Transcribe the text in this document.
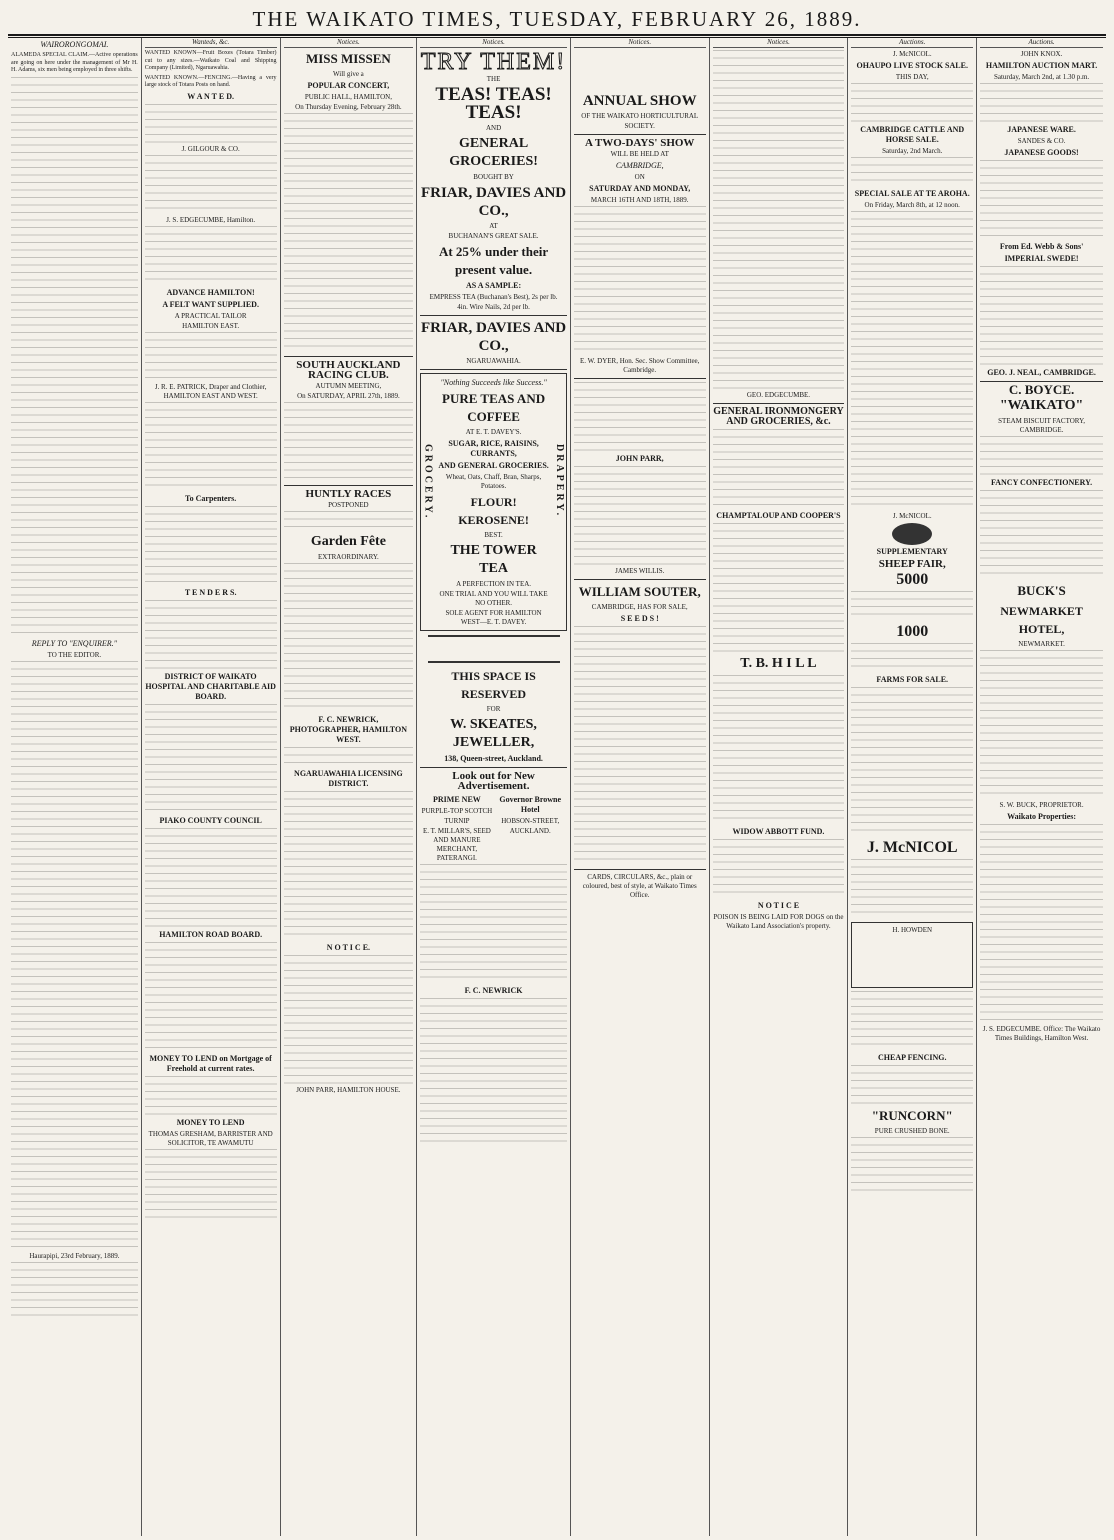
THE WAIKATO TIMES, TUESDAY, FEBRUARY 26, 1889.
WAIRORONGOMAI.

ALAMEDA SPECIAL CLAIM.—Active operations are going on here under the management of Mr H. H. Adams, six men being employed in three shifts.

REPLY TO "ENQUIRER."
TO THE EDITOR.
Haurapipi, 23rd February, 1889.
Wanteds, &c.

WANTED KNOWN—Fruit Boxes (Totara Timber) cut to any sizes.—Waikato Coal and Shipping Company (Limited), Ngaruawahia.

WANTED KNOWN.—FENCING.—Having a very large stock of Totara Posts on hand.

W A N T E D.
J. GILGOUR & CO.
J. S. EDGECUMBE, Hamilton.
ADVANCE HAMILTON!
A FELT WANT SUPPLIED.
A PRACTICAL TAILOR
HAMILTON EAST.
J. R. E. PATRICK, Draper and Clothier, HAMILTON EAST AND WEST.
To Carpenters.
T E N D E R S.
DISTRICT OF WAIKATO HOSPITAL AND CHARITABLE AID BOARD.
PIAKO COUNTY COUNCIL
HAMILTON ROAD BOARD.
MONEY TO LEND on Mortgage of Freehold at current rates.
MONEY TO LEND
THOMAS GRESHAM, BARRISTER AND SOLICITOR, TE AWAMUTU
Notices.
MISS MISSEN
Will give a
POPULAR CONCERT,
PUBLIC HALL, HAMILTON,
On Thursday Evening, February 28th.
SOUTH AUCKLAND RACING CLUB.
AUTUMN MEETING,
On SATURDAY, APRIL 27th, 1889.
HUNTLY RACES
POSTPONED
Garden Fête
EXTRAORDINARY.
F. C. NEWRICK, PHOTOGRAPHER, HAMILTON WEST.
NGARUAWAHIA LICENSING DISTRICT.
N O T I C E.
JOHN PARR, HAMILTON HOUSE.
Notices.
TRY THEM!
THE
TEAS! TEAS! TEAS!
AND
GENERAL GROCERIES!
BOUGHT BY
FRIAR, DAVIES AND CO.,
AT
BUCHANAN'S GREAT SALE.
At 25% under their present value.
AS A SAMPLE:
EMPRESS TEA (Buchanan's Best), 2s per lb.
4in. Wire Nails, 2d per lb.
FRIAR, DAVIES AND CO.,
NGARUAWAHIA.
GROCERY.	DRAPERY.
"Nothing Succeeds like Success."
PURE TEAS AND COFFEE
AT E. T. DAVEY'S.
SUGAR, RICE, RAISINS, CURRANTS,
AND GENERAL GROCERIES.
Wheat, Oats, Chaff, Bran, Sharps, Potatoes.
FLOUR! KEROSENE!
BEST.
THE TOWER TEA
A PERFECTION IN TEA.
ONE TRIAL AND YOU WILL TAKE NO OTHER.
SOLE AGENT FOR HAMILTON WEST—E. T. DAVEY.
THIS SPACE IS RESERVED
FOR
W. SKEATES, JEWELLER,
138, Queen-street, Auckland.
Look out for New Advertisement.
PRIME NEW
PURPLE-TOP SCOTCH
TURNIP
E. T. MILLAR'S, SEED AND MANURE MERCHANT, PATERANGI.
Governor Browne Hotel
HOBSON-STREET,
AUCKLAND.
F. C. NEWRICK
Notices.
ANNUAL SHOW
OF THE WAIKATO HORTICULTURAL
SOCIETY.
A TWO-DAYS' SHOW
WILL BE HELD AT
CAMBRIDGE,
ON
SATURDAY AND MONDAY,
MARCH 16TH AND 18TH, 1889.
E. W. DYER, Hon. Sec. Show Committee, Cambridge.
JOHN PARR,
JAMES WILLIS.
WILLIAM SOUTER,
CAMBRIDGE, HAS FOR SALE,
S E E D S !
CARDS, CIRCULARS, &c., plain or coloured, best of style, at Waikato Times Office.
Notices.
GEO. EDGECUMBE.
GENERAL IRONMONGERY AND GROCERIES, &c.
CHAMPTALOUP AND COOPER'S
T. B. H I L L
WIDOW ABBOTT FUND.
N O T I C E
POISON IS BEING LAID FOR DOGS on the Waikato Land Association's property.
Auctions.
J. McNICOL.
OHAUPO LIVE STOCK SALE.
THIS DAY,
CAMBRIDGE CATTLE AND HORSE SALE.
Saturday, 2nd March.
SPECIAL SALE AT TE AROHA.
On Friday, March 8th, at 12 noon.
J. McNICOL.
SUPPLEMENTARY
SHEEP FAIR,
5000
1000
FARMS FOR SALE.
J. McNICOL
H. HOWDEN
CHEAP FENCING.
"RUNCORN"
PURE CRUSHED BONE.
Auctions.
JOHN KNOX.
HAMILTON AUCTION MART.
Saturday, March 2nd, at 1.30 p.m.
JAPANESE WARE.
SANDES & CO.
JAPANESE GOODS!
From Ed. Webb & Sons'
IMPERIAL SWEDE!
GEO. J. NEAL, CAMBRIDGE.
C. BOYCE.
"WAIKATO"
STEAM BISCUIT FACTORY, CAMBRIDGE.
FANCY CONFECTIONERY.
BUCK'S
NEWMARKET HOTEL,
NEWMARKET.
S. W. BUCK, PROPRIETOR.
Waikato Properties:
J. S. EDGECUMBE. Office: The Waikato Times Buildings, Hamilton West.
